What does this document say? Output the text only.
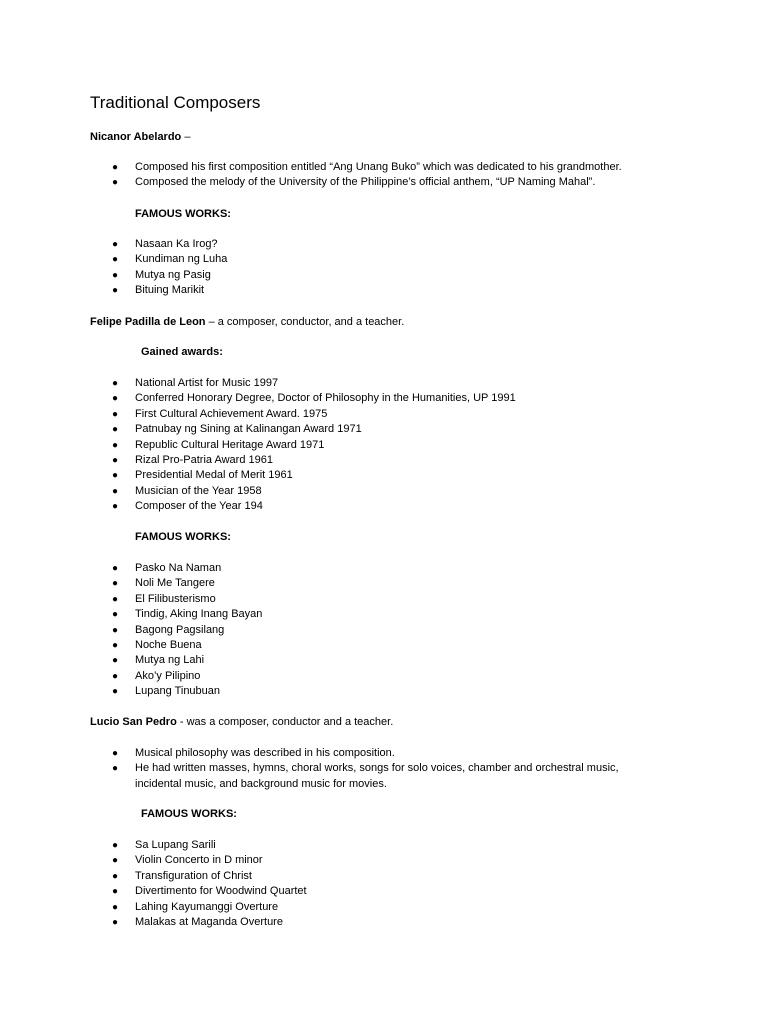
Traditional Composers
Nicanor Abelardo –
● Composed his first composition entitled “Ang Unang Buko” which was dedicated to his grandmother.
● Composed the melody of the University of the Philippine’s official anthem, “UP Naming Mahal”.
FAMOUS WORKS:
● Nasaan Ka Irog?
● Kundiman ng Luha
● Mutya ng Pasig
● Bituing Marikit
Felipe Padilla de Leon – a composer, conductor, and a teacher.
Gained awards:
● National Artist for Music 1997
● Conferred Honorary Degree, Doctor of Philosophy in the Humanities, UP 1991
● First Cultural Achievement Award. 1975
● Patnubay ng Sining at Kalinangan Award 1971
● Republic Cultural Heritage Award 1971
● Rizal Pro-Patria Award 1961
● Presidential Medal of Merit 1961
● Musician of the Year 1958
● Composer of the Year 194
FAMOUS WORKS:
● Pasko Na Naman
● Noli Me Tangere
● El Filibusterismo
● Tindig, Aking Inang Bayan
● Bagong Pagsilang
● Noche Buena
● Mutya ng Lahi
● Ako’y Pilipino
● Lupang Tinubuan
Lucio San Pedro - was a composer, conductor and a teacher.
● Musical philosophy was described in his composition.
● He had written masses, hymns, choral works, songs for solo voices, chamber and orchestral music, incidental music, and background music for movies.
FAMOUS WORKS:
● Sa Lupang Sarili
● Violin Concerto in D minor
● Transfiguration of Christ
● Divertimento for Woodwind Quartet
● Lahing Kayumanggi Overture
● Malakas at Maganda Overture
